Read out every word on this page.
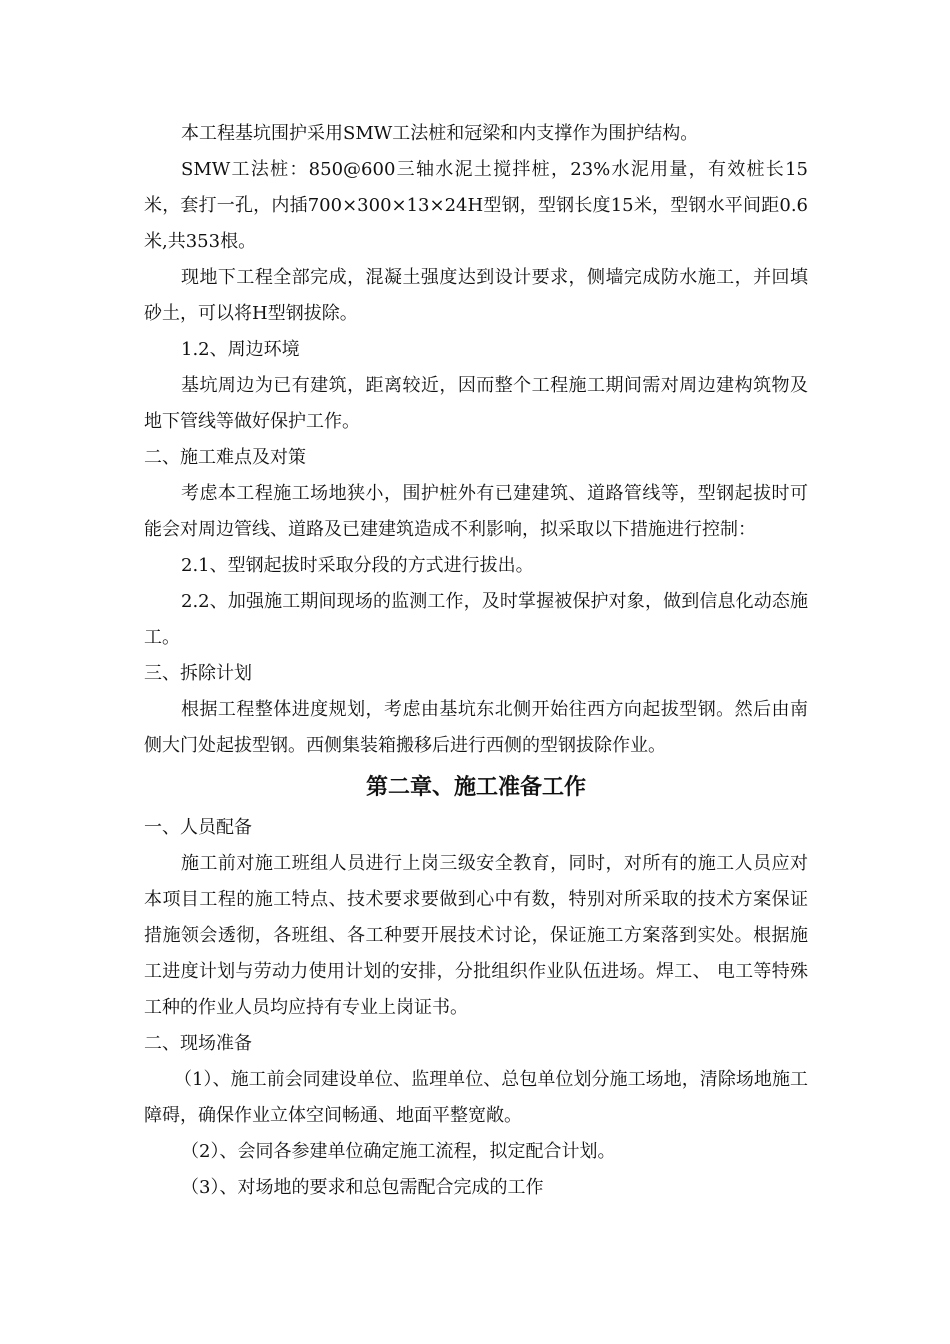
本工程基坑围护采用SMW工法桩和冠梁和内支撑作为围护结构。

SMW工法桩：850@600三轴水泥土搅拌桩，23%水泥用量，有效桩长15米，套打一孔，内插700×300×13×24H型钢，型钢长度15米，型钢水平间距0.6米,共353根。

现地下工程全部完成，混凝土强度达到设计要求，侧墙完成防水施工，并回填砂土，可以将H型钢拔除。

1.2、周边环境

基坑周边为已有建筑，距离较近，因而整个工程施工期间需对周边建构筑物及地下管线等做好保护工作。

二、施工难点及对策

考虑本工程施工场地狭小，围护桩外有已建建筑、道路管线等，型钢起拔时可能会对周边管线、道路及已建建筑造成不利影响，拟采取以下措施进行控制：

2.1、型钢起拔时采取分段的方式进行拔出。

2.2、加强施工期间现场的监测工作，及时掌握被保护对象，做到信息化动态施工。

三、拆除计划

根据工程整体进度规划，考虑由基坑东北侧开始往西方向起拔型钢。然后由南侧大门处起拔型钢。西侧集装箱搬移后进行西侧的型钢拔除作业。

第二章、施工准备工作

一、人员配备

施工前对施工班组人员进行上岗三级安全教育，同时，对所有的施工人员应对本项目工程的施工特点、技术要求要做到心中有数，特别对所采取的技术方案保证措施领会透彻，各班组、各工种要开展技术讨论，保证施工方案落到实处。根据施工进度计划与劳动力使用计划的安排，分批组织作业队伍进场。焊工、 电工等特殊工种的作业人员均应持有专业上岗证书。

二、现场准备

（1）、施工前会同建设单位、监理单位、总包单位划分施工场地，清除场地施工障碍，确保作业立体空间畅通、地面平整宽敞。

（2）、会同各参建单位确定施工流程，拟定配合计划。

（3）、对场地的要求和总包需配合完成的工作
